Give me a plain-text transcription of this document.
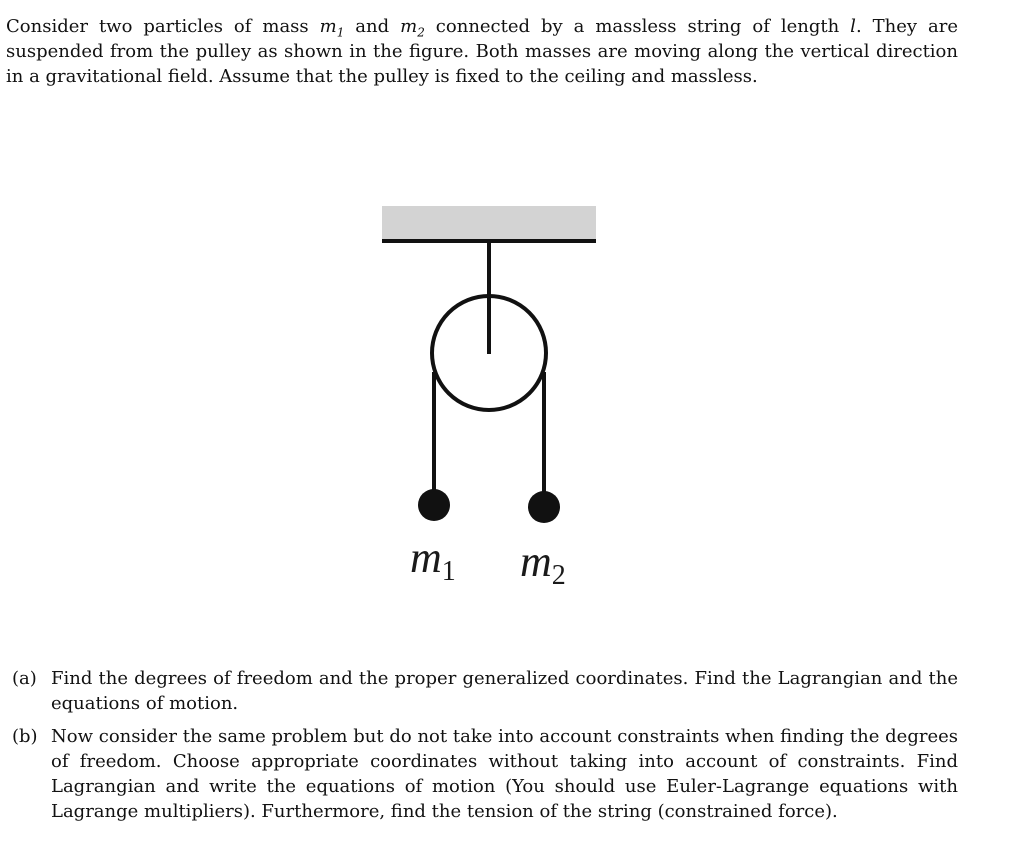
Consider two particles of mass $m_1$ and $m_2$ connected by a massless string of length l. They are suspended from the pulley as shown in the figure. Both masses are moving along the vertical direction in a gravitational field. Assume that the pulley is fixed to the ceiling and massless.
m1 m2
(a) Find the degrees of freedom and the proper generalized coordinates. Find the Lagrangian and the equations of motion.
(b) Now consider the same problem but do not take into account constraints when finding the degrees of freedom. Choose appropriate coordinates without taking into account of constraints. Find Lagrangian and write the equations of motion (You should use Euler-Lagrange equations with Lagrange multipliers). Furthermore, find the tension of the string (constrained force).
